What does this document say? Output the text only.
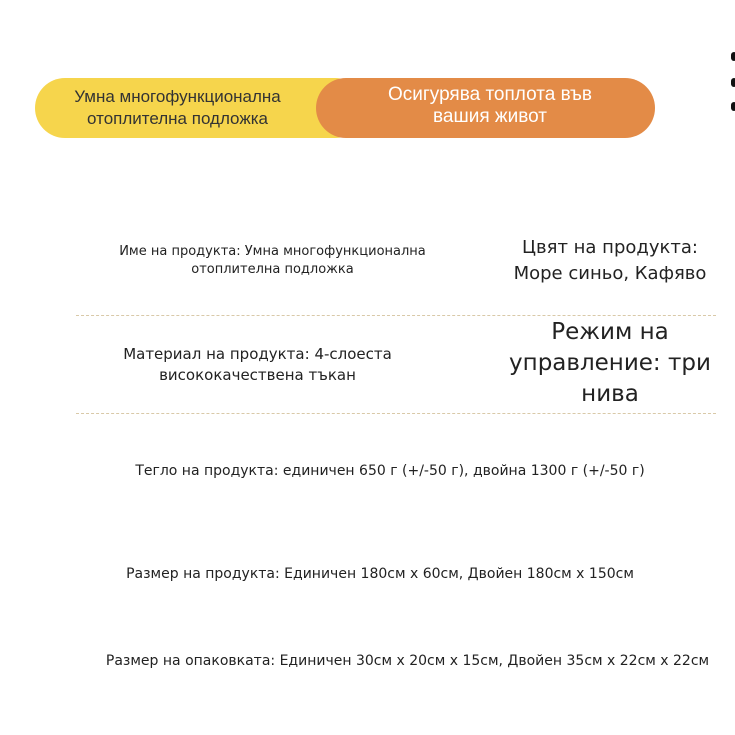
Умна многофункционална отоплителна подложка
Осигурява топлота във вашия живот
Име на продукта: Умна многофункционална отоплителна подложка
Цвят на продукта: Море синьо, Кафяво
Материал на продукта: 4-слоеста висококачествена тъкан
Режим на управление: три нива
Тегло на продукта: единичен 650 г (+/-50 г), двойна 1300 г (+/-50 г)
Размер на продукта: Единичен 180см x 60см, Двойен 180см x 150см
Размер на опаковката: Единичен 30см x 20см x 15см, Двойен 35см x 22см x 22см
